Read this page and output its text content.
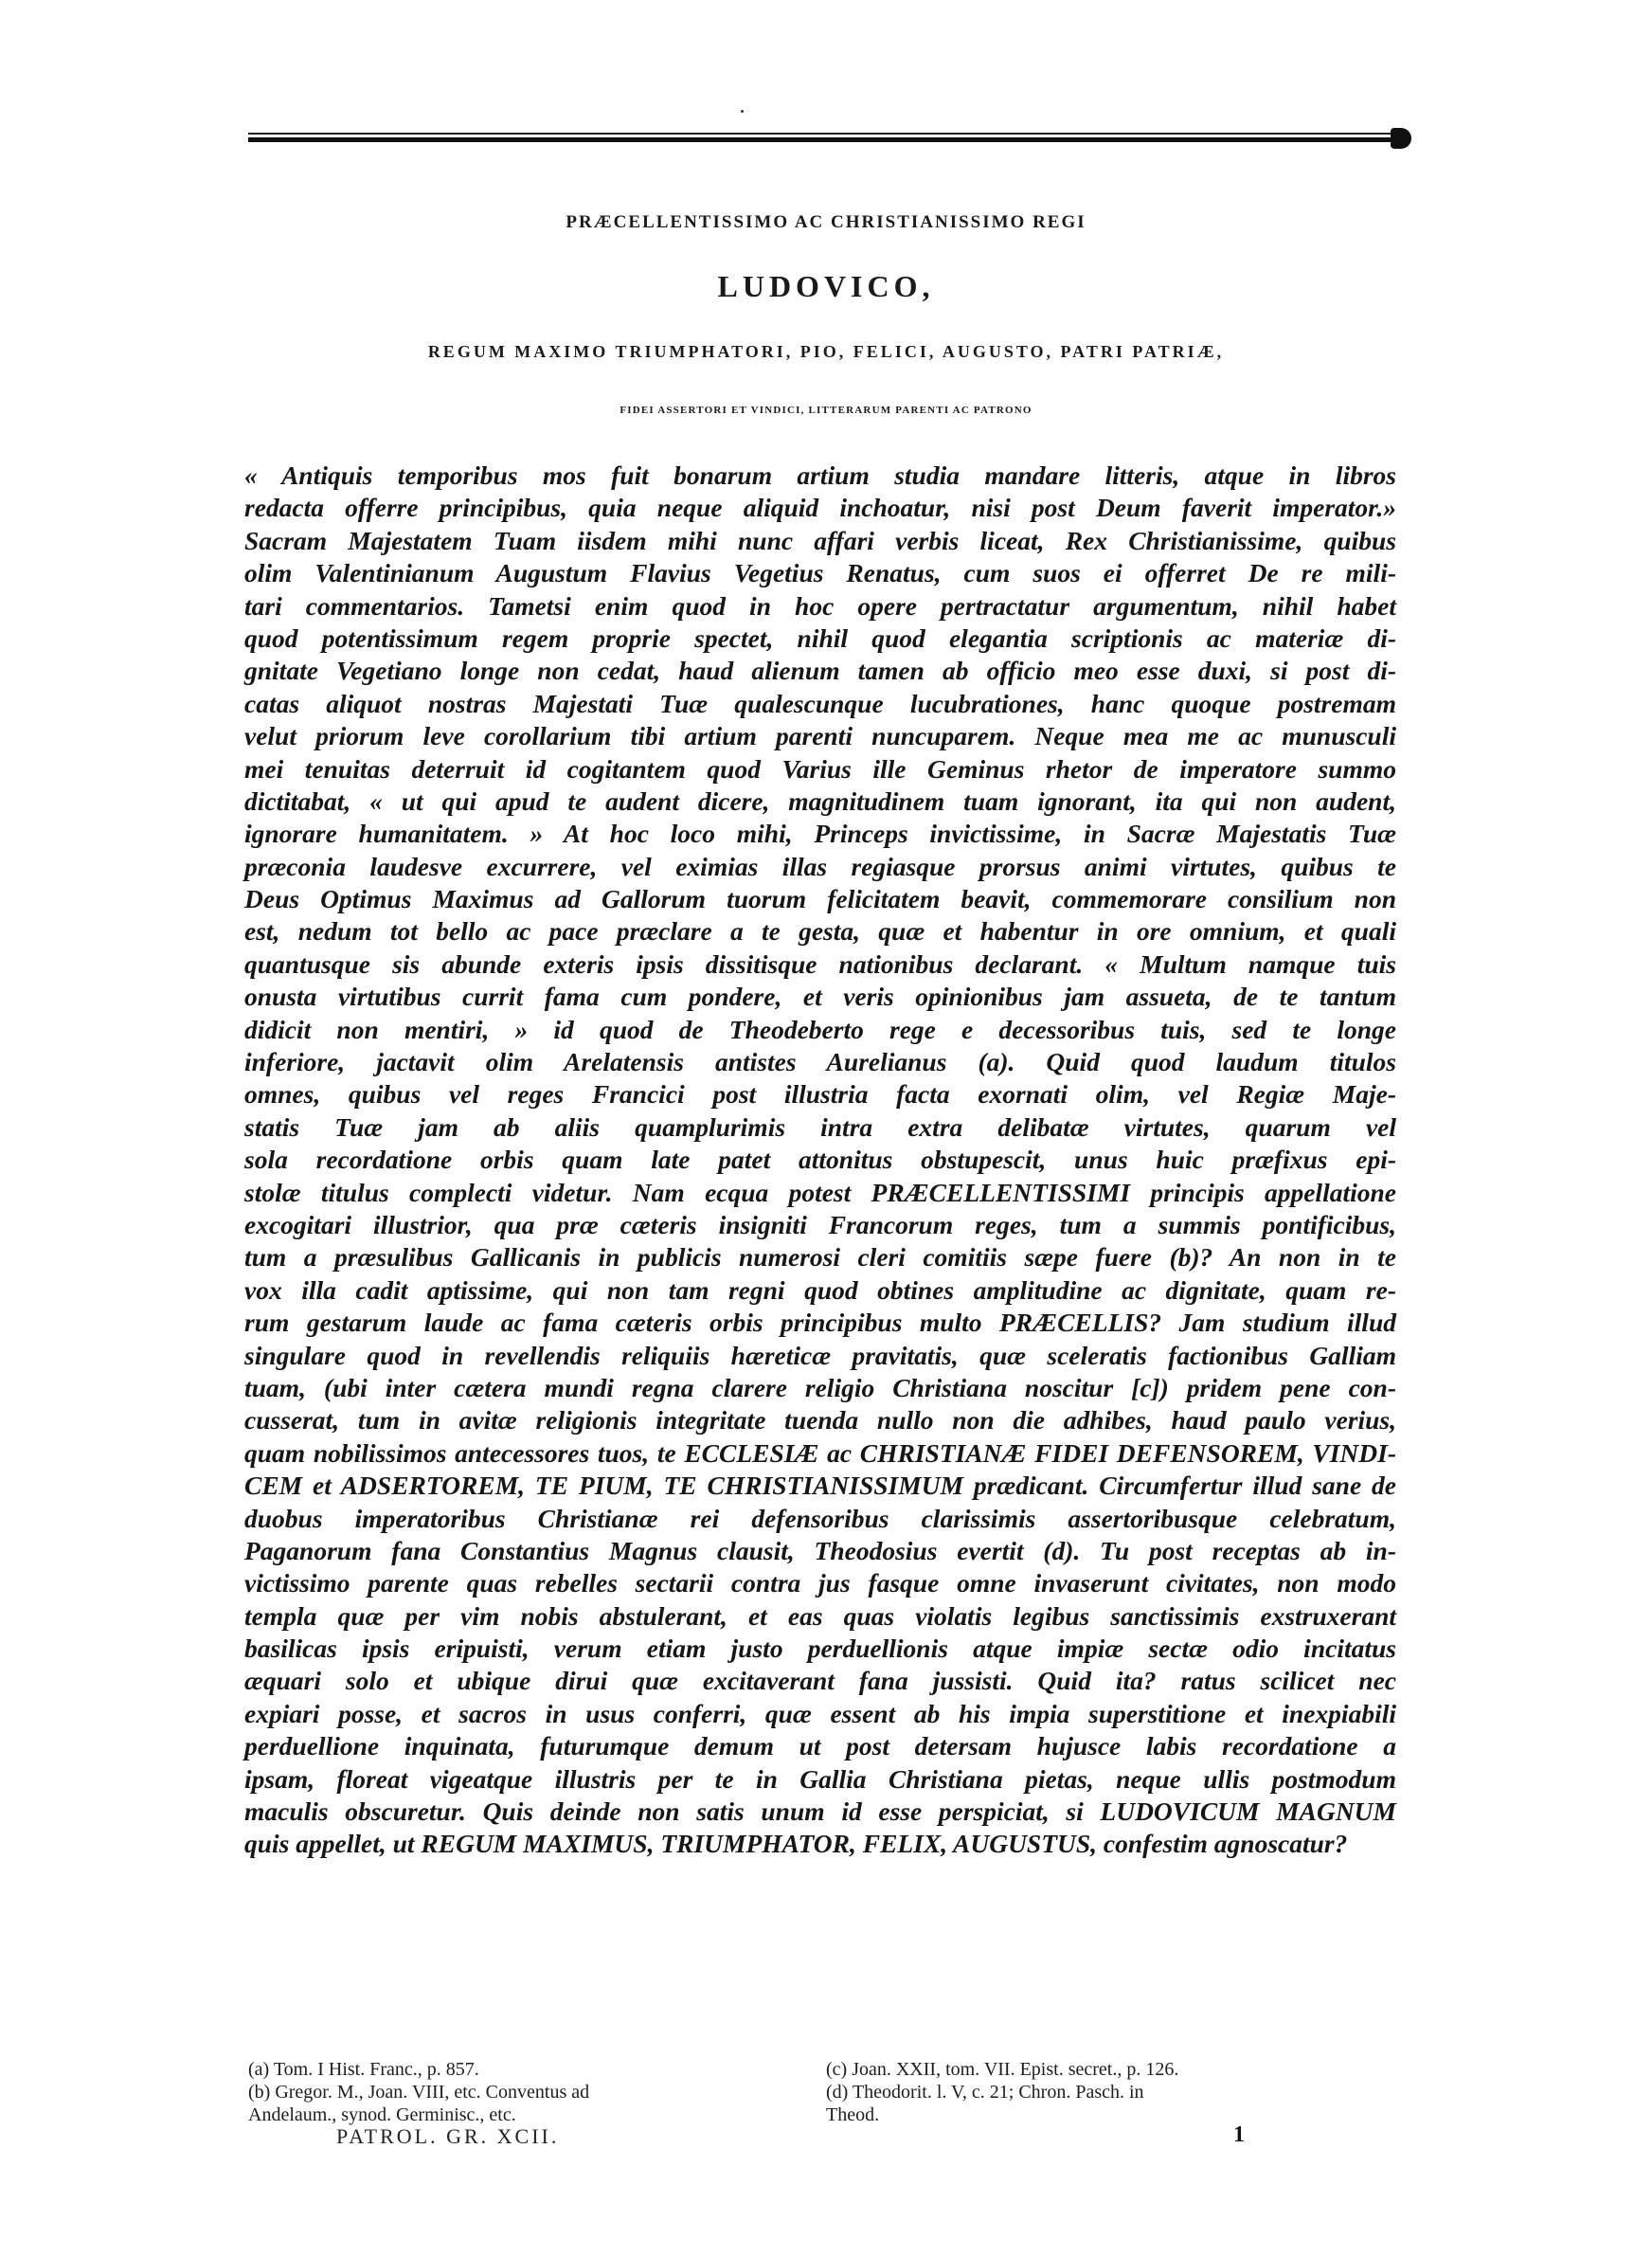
PRÆCELLENTISSIMO AC CHRISTIANISSIMO REGI
LUDOVICO,
REGUM MAXIMO TRIUMPHATORI, PIO, FELICI, AUGUSTO, PATRI PATRIÆ,
FIDEI ASSERTORI ET VINDICI, LITTERARUM PARENTI AC PATRONO
« Antiquis temporibus mos fuit bonarum artium studia mandare litteris, atque in libros
redacta offerre principibus, quia neque aliquid inchoatur, nisi post Deum faverit imperator.»
Sacram Majestatem Tuam iisdem mihi nunc affari verbis liceat, Rex Christianissime, quibus
olim Valentinianum Augustum Flavius Vegetius Renatus, cum suos ei offerret De re mili-
tari commentarios. Tametsi enim quod in hoc opere pertractatur argumentum, nihil habet
quod potentissimum regem proprie spectet, nihil quod elegantia scriptionis ac materiæ di-
gnitate Vegetiano longe non cedat, haud alienum tamen ab officio meo esse duxi, si post di-
catas aliquot nostras Majestati Tuæ qualescunque lucubrationes, hanc quoque postremam
velut priorum leve corollarium tibi artium parenti nuncuparem. Neque mea me ac munusculi
mei tenuitas deterruit id cogitantem quod Varius ille Geminus rhetor de imperatore summo
dictitabat, « ut qui apud te audent dicere, magnitudinem tuam ignorant, ita qui non audent,
ignorare humanitatem. » At hoc loco mihi, Princeps invictissime, in Sacræ Majestatis Tuæ
præconia laudesve excurrere, vel eximias illas regiasque prorsus animi virtutes, quibus te
Deus Optimus Maximus ad Gallorum tuorum felicitatem beavit, commemorare consilium non
est, nedum tot bello ac pace præclare a te gesta, quæ et habentur in ore omnium, et quali
quantusque sis abunde exteris ipsis dissitisque nationibus declarant. « Multum namque tuis
onusta virtutibus currit fama cum pondere, et veris opinionibus jam assueta, de te tantum
didicit non mentiri, » id quod de Theodeberto rege e decessoribus tuis, sed te longe
inferiore, jactavit olim Arelatensis antistes Aurelianus (a). Quid quod laudum titulos
omnes, quibus vel reges Francici post illustria facta exornati olim, vel Regiæ Maje-
statis Tuæ jam ab aliis quamplurimis intra extra delibatæ virtutes, quarum vel
sola recordatione orbis quam late patet attonitus obstupescit, unus huic præfixus epi-
stolæ titulus complecti videtur. Nam ecqua potest PRÆCELLENTISSIMI principis appellatione
excogitari illustrior, qua præ cæteris insigniti Francorum reges, tum a summis pontificibus,
tum a præsulibus Gallicanis in publicis numerosi cleri comitiis sæpe fuere (b)? An non in te
vox illa cadit aptissime, qui non tam regni quod obtines amplitudine ac dignitate, quam re-
rum gestarum laude ac fama cæteris orbis principibus multo PRÆCELLIS? Jam studium illud
singulare quod in revellendis reliquiis hæreticæ pravitatis, quæ sceleratis factionibus Galliam
tuam, (ubi inter cætera mundi regna clarere religio Christiana noscitur [c]) pridem pene con-
cusserat, tum in avitæ religionis integritate tuenda nullo non die adhibes, haud paulo verius,
quam nobilissimos antecessores tuos, te ECCLESIÆ ac CHRISTIANÆ FIDEI DEFENSOREM, VINDI-
CEM et ADSERTOREM, TE PIUM, TE CHRISTIANISSIMUM prædicant. Circumfertur illud sane de
duobus imperatoribus Christianæ rei defensoribus clarissimis assertoribusque celebratum,
Paganorum fana Constantius Magnus clausit, Theodosius evertit (d). Tu post receptas ab in-
victissimo parente quas rebelles sectarii contra jus fasque omne invaserunt civitates, non modo
templa quæ per vim nobis abstulerant, et eas quas violatis legibus sanctissimis exstruxerant
basilicas ipsis eripuisti, verum etiam justo perduellionis atque impiæ sectæ odio incitatus
æquari solo et ubique dirui quæ excitaverant fana jussisti. Quid ita? ratus scilicet nec
expiari posse, et sacros in usus conferri, quæ essent ab his impia superstitione et inexpiabili
perduellione inquinata, futurumque demum ut post detersam hujusce labis recordatione a
ipsam, floreat vigeatque illustris per te in Gallia Christiana pietas, neque ullis postmodum
maculis obscuretur. Quis deinde non satis unum id esse perspiciat, si LUDOVICUM MAGNUM
quis appellet, ut REGUM MAXIMUS, TRIUMPHATOR, FELIX, AUGUSTUS, confestim agnoscatur?
(a) Tom. I Hist. Franc., p. 857.
(b) Gregor. M., Joan. VIII, etc. Conventus ad
Andelaum., synod. Germinisc., etc.
(c) Joan. XXII, tom. VII. Epist. secret., p. 126.
(d) Theodorit. l. V, c. 21; Chron. Pasch. in
Theod.
PATROL. GR. XCII.	1
